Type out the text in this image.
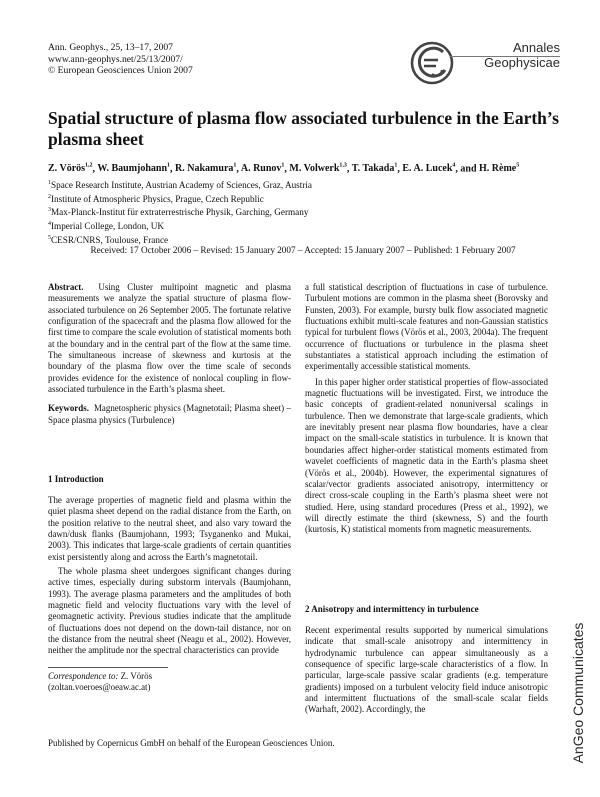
Ann. Geophys., 25, 13–17, 2007
www.ann-geophys.net/25/13/2007/
© European Geosciences Union 2007
Annales
Geophysicae
Spatial structure of plasma flow associated turbulence in the Earth’s plasma sheet
Z. Vörös$^{1,2}$, W. Baumjohann$^1$, R. Nakamura$^1$, A. Runov$^1$, M. Volwerk$^{1,3}$, T. Takada$^1$, E. A. Lucek$^4$, and H. Rème$^5$
$^1$Space Research Institute, Austrian Academy of Sciences, Graz, Austria
$^2$Institute of Atmospheric Physics, Prague, Czech Republic
$^3$Max-Planck-Institut für extraterrestrische Physik, Garching, Germany
$^4$Imperial College, London, UK
$^5$CESR/CNRS, Toulouse, France
Received: 17 October 2006 – Revised: 15 January 2007 – Accepted: 15 January 2007 – Published: 1 February 2007

Abstract. Using Cluster multipoint magnetic and plasma measurements we analyze the spatial structure of plasma flow-associated turbulence on 26 September 2005. The fortunate relative configuration of the spacecraft and the plasma flow allowed for the first time to compare the scale evolution of statistical moments both at the boundary and in the central part of the flow at the same time. The simultaneous increase of skewness and kurtosis at the boundary of the plasma flow over the time scale of seconds provides evidence for the existence of nonlocal coupling in flow-associated turbulence in the Earth’s plasma sheet.

Keywords. Magnetospheric physics (Magnetotail; Plasma sheet) – Space plasma physics (Turbulence)

1 Introduction

The average properties of magnetic field and plasma within the quiet plasma sheet depend on the radial distance from the Earth, on the position relative to the neutral sheet, and also vary toward the dawn/dusk flanks (Baumjohann, 1993; Tsyganenko and Mukai, 2003). This indicates that large-scale gradients of certain quantities exist persistently along and across the Earth’s magnetotail.

The whole plasma sheet undergoes significant changes during active times, especially during substorm intervals (Baumjohann, 1993). The average plasma parameters and the amplitudes of both magnetic field and velocity fluctuations vary with the level of geomagnetic activity. Previous studies indicate that the amplitude of fluctuations does not depend on the down-tail distance, nor on the distance from the neutral sheet (Neagu et al., 2002). However, neither the amplitude nor the spectral characteristics can provide

Correspondence to: Z. Vörös
(zoltan.voeroes@oeaw.ac.at)

a full statistical description of fluctuations in case of turbulence. Turbulent motions are common in the plasma sheet (Borovsky and Funsten, 2003). For example, bursty bulk flow associated magnetic fluctuations exhibit multi-scale features and non-Gaussian statistics typical for turbulent flows (Vörös et al., 2003, 2004a). The frequent occurrence of fluctuations or turbulence in the plasma sheet substantiates a statistical approach including the estimation of experimentally accessible statistical moments.

In this paper higher order statistical properties of flow-associated magnetic fluctuations will be investigated. First, we introduce the basic concepts of gradient-related nonuniversal scalings in turbulence. Then we demonstrate that large-scale gradients, which are inevitably present near plasma flow boundaries, have a clear impact on the small-scale statistics in turbulence. It is known that boundaries affect higher-order statistical moments estimated from wavelet coefficients of magnetic data in the Earth’s plasma sheet (Vörös et al., 2004b). However, the experimental signatures of scalar/vector gradients associated anisotropy, intermittency or direct cross-scale coupling in the Earth’s plasma sheet were not studied. Here, using standard procedures (Press et al., 1992), we will directly estimate the third (skewness, S) and the fourth (kurtosis, K) statistical moments from magnetic measurements.

2 Anisotropy and intermittency in turbulence

Recent experimental results supported by numerical simulations indicate that small-scale anisotropy and intermittency in hydrodynamic turbulence can appear simultaneously as a consequence of specific large-scale characteristics of a flow. In particular, large-scale passive scalar gradients (e.g. temperature gradients) imposed on a turbulent velocity field induce anisotropic and intermittent fluctuations of the small-scale scalar fields (Warhaft, 2002). Accordingly, the

Published by Copernicus GmbH on behalf of the European Geosciences Union.	AnGeo Communicates
